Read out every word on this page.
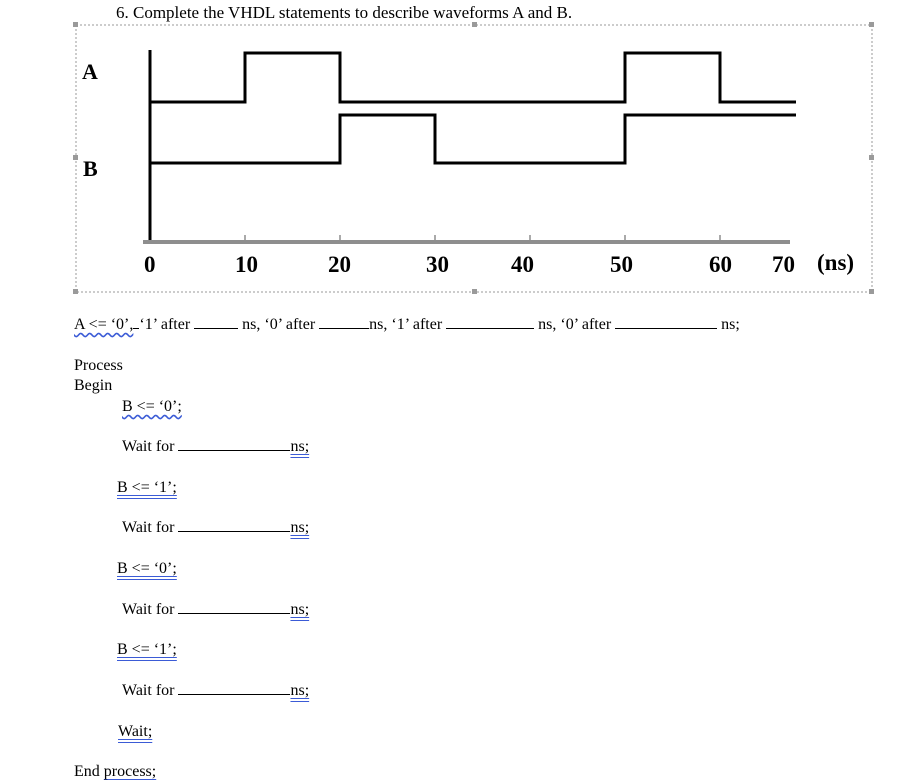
6. Complete the VHDL statements to describe waveforms A and B.
A
B
0	10	20	30	40	50	60 70 (ns)
A <= ‘0’, ‘1’ after	ns, ‘0’ after	ns, ‘1’ after	ns, ‘0’ after	ns;
Process
Begin
B <= ‘0’;
Wait for	ns;
B <= ‘1’;
Wait for	ns;
B <= ‘0’;
Wait for	ns;
B <= ‘1’;
Wait for	ns;
Wait;
End process;
